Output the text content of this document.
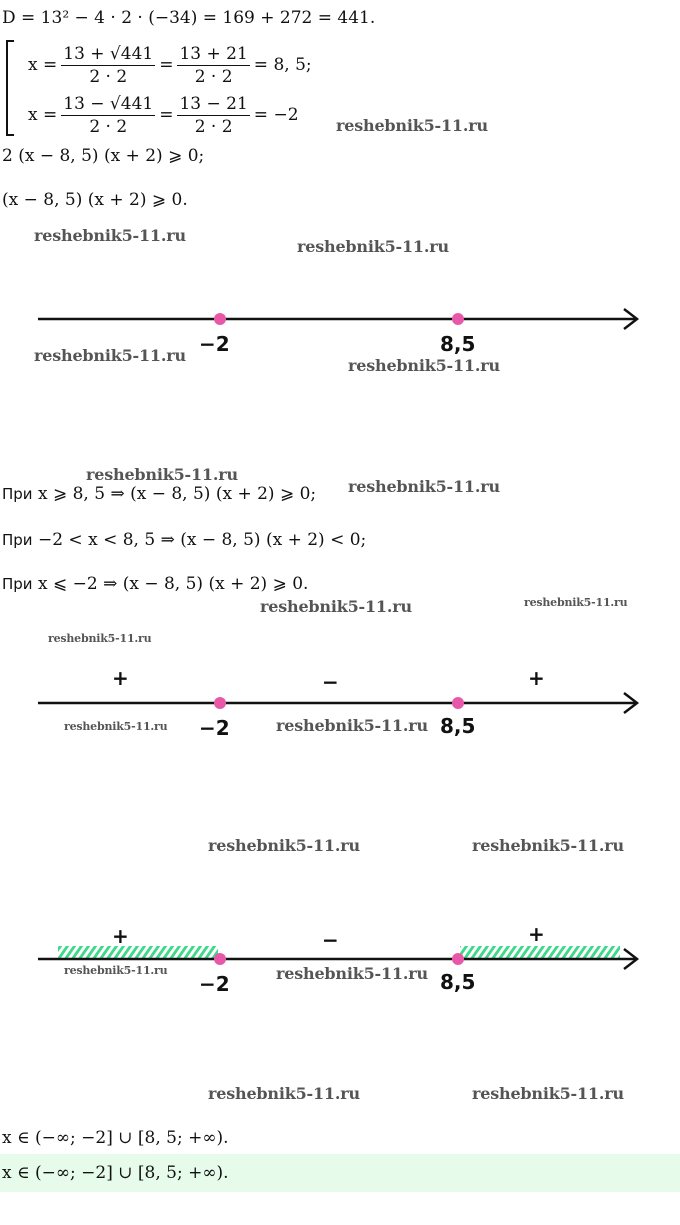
D = 13² − 4 · 2 · (−34) = 169 + 272 = 441.
$x = \frac{13 + √441}{2 \cdot 2} = \frac{13 + 21}{2 \cdot 2} = 8$, 5;
$x = \frac{13 - √441}{2 \cdot 2} = \frac{13 - 21}{2 \cdot 2} = -2$
2 (x − 8, 5) (x + 2) ⩾ 0;
(x − 8, 5) (x + 2) ⩾ 0.
−2	8,5
При x ⩾ 8, 5 ⇒ (x − 8, 5) (x + 2) ⩾ 0;
При −2 < x < 8, 5 ⇒ (x − 8, 5) (x + 2) < 0;
При x ⩽ −2 ⇒ (x − 8, 5) (x + 2) ⩾ 0.
+	−	+
−2	8,5
+	−	+
−2	8,5
x ∈ (−∞; −2] ∪ [8, 5; +∞).
x ∈ (−∞; −2] ∪ [8, 5; +∞).
reshebnik5-11.ru
reshebnik5-11.ru
reshebnik5-11.ru
reshebnik5-11.ru
reshebnik5-11.ru
reshebnik5-11.ru
reshebnik5-11.ru
reshebnik5-11.ru	reshebnik5-11.ru
reshebnik5-11.ru
reshebnik5-11.ru	reshebnik5-11.ru
reshebnik5-11.ru	reshebnik5-11.ru
reshebnik5-11.ru	reshebnik5-11.ru
reshebnik5-11.ru	reshebnik5-11.ru
